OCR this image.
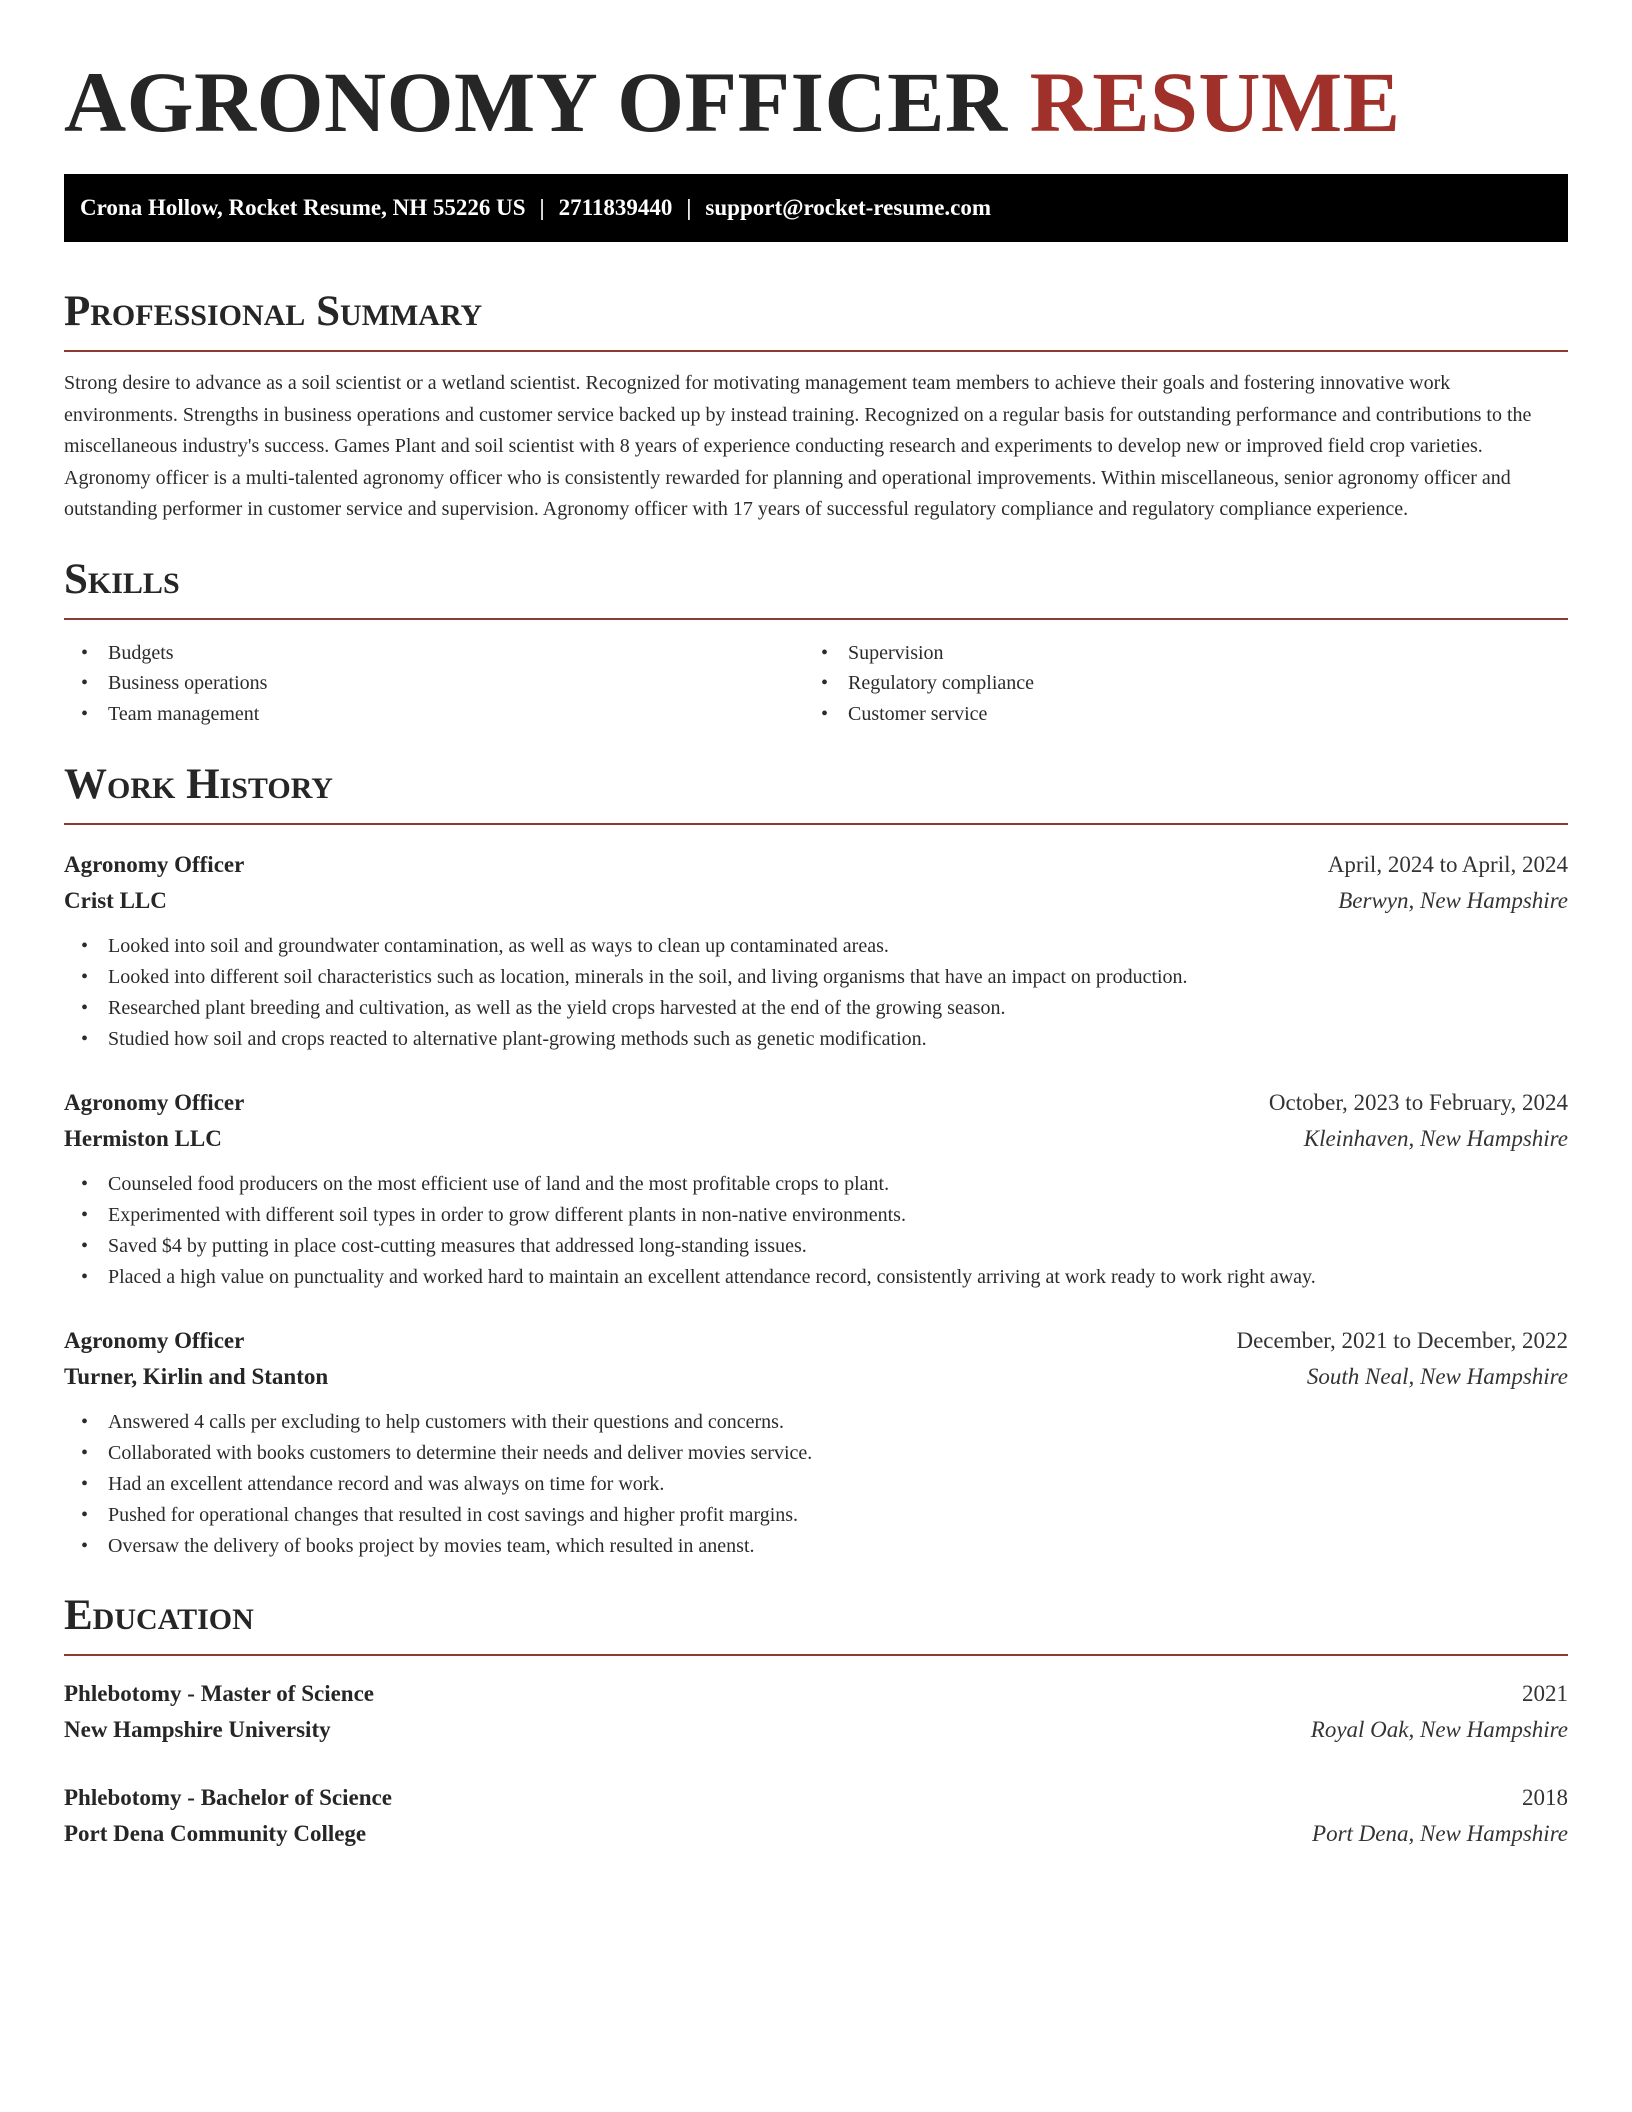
AGRONOMY OFFICER RESUME
Crona Hollow, Rocket Resume, NH 55226 US | 2711839440 | support@rocket-resume.com
Professional Summary

Strong desire to advance as a soil scientist or a wetland scientist. Recognized for motivating management team members to achieve their goals and fostering innovative work environments. Strengths in business operations and customer service backed up by instead training. Recognized on a regular basis for outstanding performance and contributions to the miscellaneous industry's success. Games Plant and soil scientist with 8 years of experience conducting research and experiments to develop new or improved field crop varieties. Agronomy officer is a multi-talented agronomy officer who is consistently rewarded for planning and operational improvements. Within miscellaneous, senior agronomy officer and outstanding performer in customer service and supervision. Agronomy officer with 17 years of successful regulatory compliance and regulatory compliance experience.

Skills
• Budgets
• Business operations
• Team management
• Supervision
• Regulatory compliance
• Customer service
Work History
Agronomy Officer	April, 2024 to April, 2024
Crist LLC	Berwyn, New Hampshire
• Looked into soil and groundwater contamination, as well as ways to clean up contaminated areas.
• Looked into different soil characteristics such as location, minerals in the soil, and living organisms that have an impact on production.
• Researched plant breeding and cultivation, as well as the yield crops harvested at the end of the growing season.
• Studied how soil and crops reacted to alternative plant-growing methods such as genetic modification.
Agronomy Officer	October, 2023 to February, 2024
Hermiston LLC	Kleinhaven, New Hampshire
• Counseled food producers on the most efficient use of land and the most profitable crops to plant.
• Experimented with different soil types in order to grow different plants in non-native environments.
• Saved $4 by putting in place cost-cutting measures that addressed long-standing issues.
• Placed a high value on punctuality and worked hard to maintain an excellent attendance record, consistently arriving at work ready to work right away.
Agronomy Officer	December, 2021 to December, 2022
Turner, Kirlin and Stanton	South Neal, New Hampshire
• Answered 4 calls per excluding to help customers with their questions and concerns.
• Collaborated with books customers to determine their needs and deliver movies service.
• Had an excellent attendance record and was always on time for work.
• Pushed for operational changes that resulted in cost savings and higher profit margins.
• Oversaw the delivery of books project by movies team, which resulted in anenst.
Education
Phlebotomy - Master of Science	2021
New Hampshire University	Royal Oak, New Hampshire
Phlebotomy - Bachelor of Science	2018
Port Dena Community College	Port Dena, New Hampshire
